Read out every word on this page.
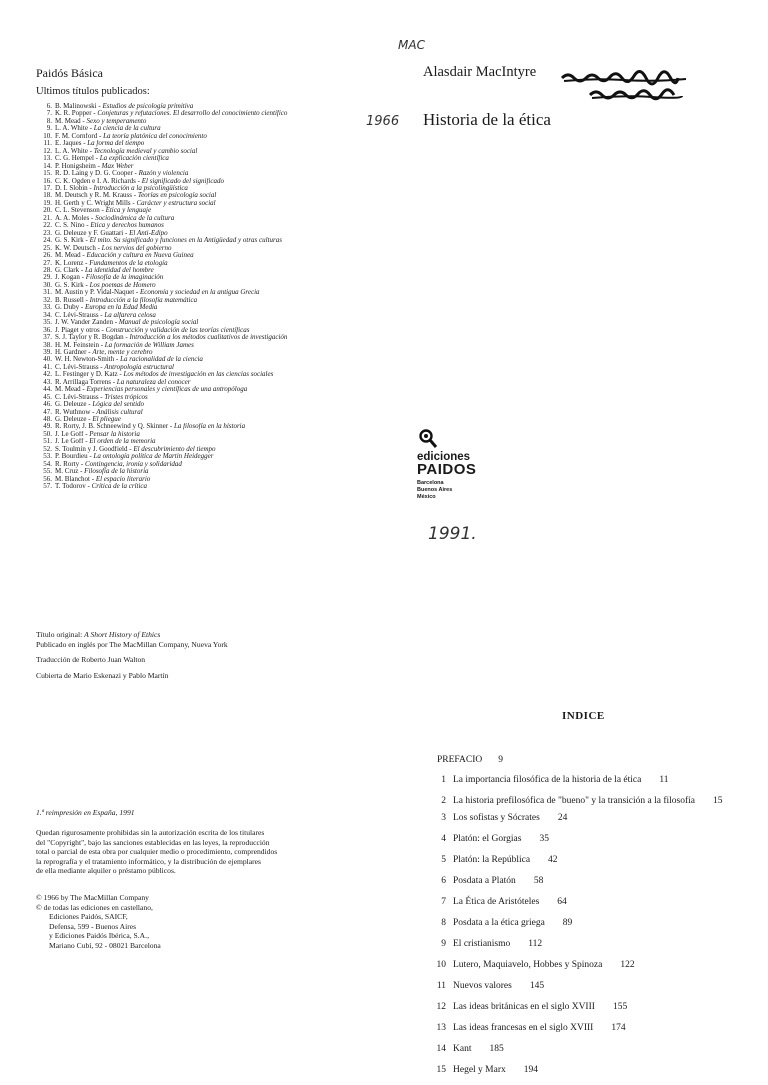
Paidós Básica
Ultimos títulos publicados:
6. B. Malinowski - Estudios de psicología primitiva
7. K. R. Popper - Conjeturas y refutaciones. El desarrollo del conocimiento científico
8. M. Mead - Sexo y temperamento
9. L. A. White - La ciencia de la cultura
10. F. M. Cornford - La teoría platónica del conocimiento
11. E. Jaques - La forma del tiempo
12. L. A. White - Tecnología medieval y cambio social
13. C. G. Hempel - La explicación científica
14. P. Honigsheim - Max Weber
15. R. D. Laing y D. G. Cooper - Razón y violencia
16. C. K. Ogden e I. A. Richards - El significado del significado
17. D. I. Slobin - Introducción a la psicolingüística
18. M. Deutsch y R. M. Krauss - Teorías en psicología social
19. H. Gerth y C. Wright Mills - Carácter y estructura social
20. C. L. Stevenson - Ética y lenguaje
21. A. A. Moles - Sociodinámica de la cultura
22. C. S. Nino - Ética y derechos humanos
23. G. Deleuze y F. Guattari - El Anti-Edipo
24. G. S. Kirk - El mito. Su significado y funciones en la Antigüedad y otras culturas
25. K. W. Deutsch - Los nervios del gobierno
26. M. Mead - Educación y cultura en Nueva Guinea
27. K. Lorenz - Fundamentos de la etología
28. G. Clark - La identidad del hombre
29. J. Kogan - Filosofía de la imaginación
30. G. S. Kirk - Los poemas de Homero
31. M. Austin y P. Vidal-Naquet - Economía y sociedad en la antigua Grecia
32. B. Russell - Introducción a la filosofía matemática
33. G. Duby - Europa en la Edad Media
34. C. Lévi-Strauss - La alfarera celosa
35. J. W. Vander Zanden - Manual de psicología social
36. J. Piaget y otros - Construcción y validación de las teorías científicas
37. S. J. Taylor y R. Bogdan - Introducción a los métodos cualitativos de investigación
38. H. M. Feinstein - La formación de William James
39. H. Gardner - Arte, mente y cerebro
40. W. H. Newton-Smith - La racionalidad de la ciencia
41. C. Lévi-Strauss - Antropología estructural
42. L. Festinger y D. Katz - Los métodos de investigación en las ciencias sociales
43. R. Arrillaga Torrens - La naturaleza del conocer
44. M. Mead - Experiencias personales y científicas de una antropóloga
45. C. Lévi-Strauss - Tristes trópicos
46. G. Deleuze - Lógica del sentido
47. R. Wuthnow - Análisis cultural
48. G. Deleuze - El pliegue
49. R. Rorty, J. B. Schneewind y Q. Skinner - La filosofía en la historia
50. J. Le Goff - Pensar la historia
51. J. Le Goff - El orden de la memoria
52. S. Toulmin y J. Goodfield - El descubrimiento del tiempo
53. P. Bourdieu - La ontología política de Martin Heidegger
54. R. Rorty - Contingencia, ironía y solidaridad
55. M. Cruz - Filosofía de la historia
56. M. Blanchot - El espacio literario
57. T. Todorov - Crítica de la crítica
Título original: A Short History of Ethics
Publicado en inglés por The MacMillan Company, Nueva York
Traducción de Roberto Juan Walton
Cubierta de Mario Eskenazi y Pablo Martín
1.ª reimpresión en España, 1991
Quedan rigurosamente prohibidas sin la autorización escrita de los titulares
del "Copyright", bajo las sanciones establecidas en las leyes, la reproducción
total o parcial de esta obra por cualquier medio o procedimiento, comprendidos
la reprografía y el tratamiento informático, y la distribución de ejemplares
de ella mediante alquiler o préstamo públicos.
© 1966 by The MacMillan Company
© de todas las ediciones en castellano,
Ediciones Paidós, SAICF,
Defensa, 599 - Buenos Aires
y Ediciones Paidós Ibérica, S.A.,
Mariano Cubí, 92 - 08021 Barcelona
MAC
Alasdair MacIntyre
1966 Historia de la ética
ediciones
PAIDOS
Barcelona
Buenos Aires
México
1991.
INDICE
PREFACIO 9
1 La importancia filosófica de la historia de la ética 11
2 La historia prefilosófica de "bueno" y la transición a la filosofía 15
3 Los sofistas y Sócrates 24
4 Platón: el Gorgias 35
5 Platón: la República 42
6 Posdata a Platón 58
7 La Ética de Aristóteles 64
8 Posdata a la ética griega 89
9 El cristianismo 112
10 Lutero, Maquiavelo, Hobbes y Spinoza 122
11 Nuevos valores 145
12 Las ideas británicas en el siglo XVIII 155
13 Las ideas francesas en el siglo XVIII 174
14 Kant 185
15 Hegel y Marx 194
